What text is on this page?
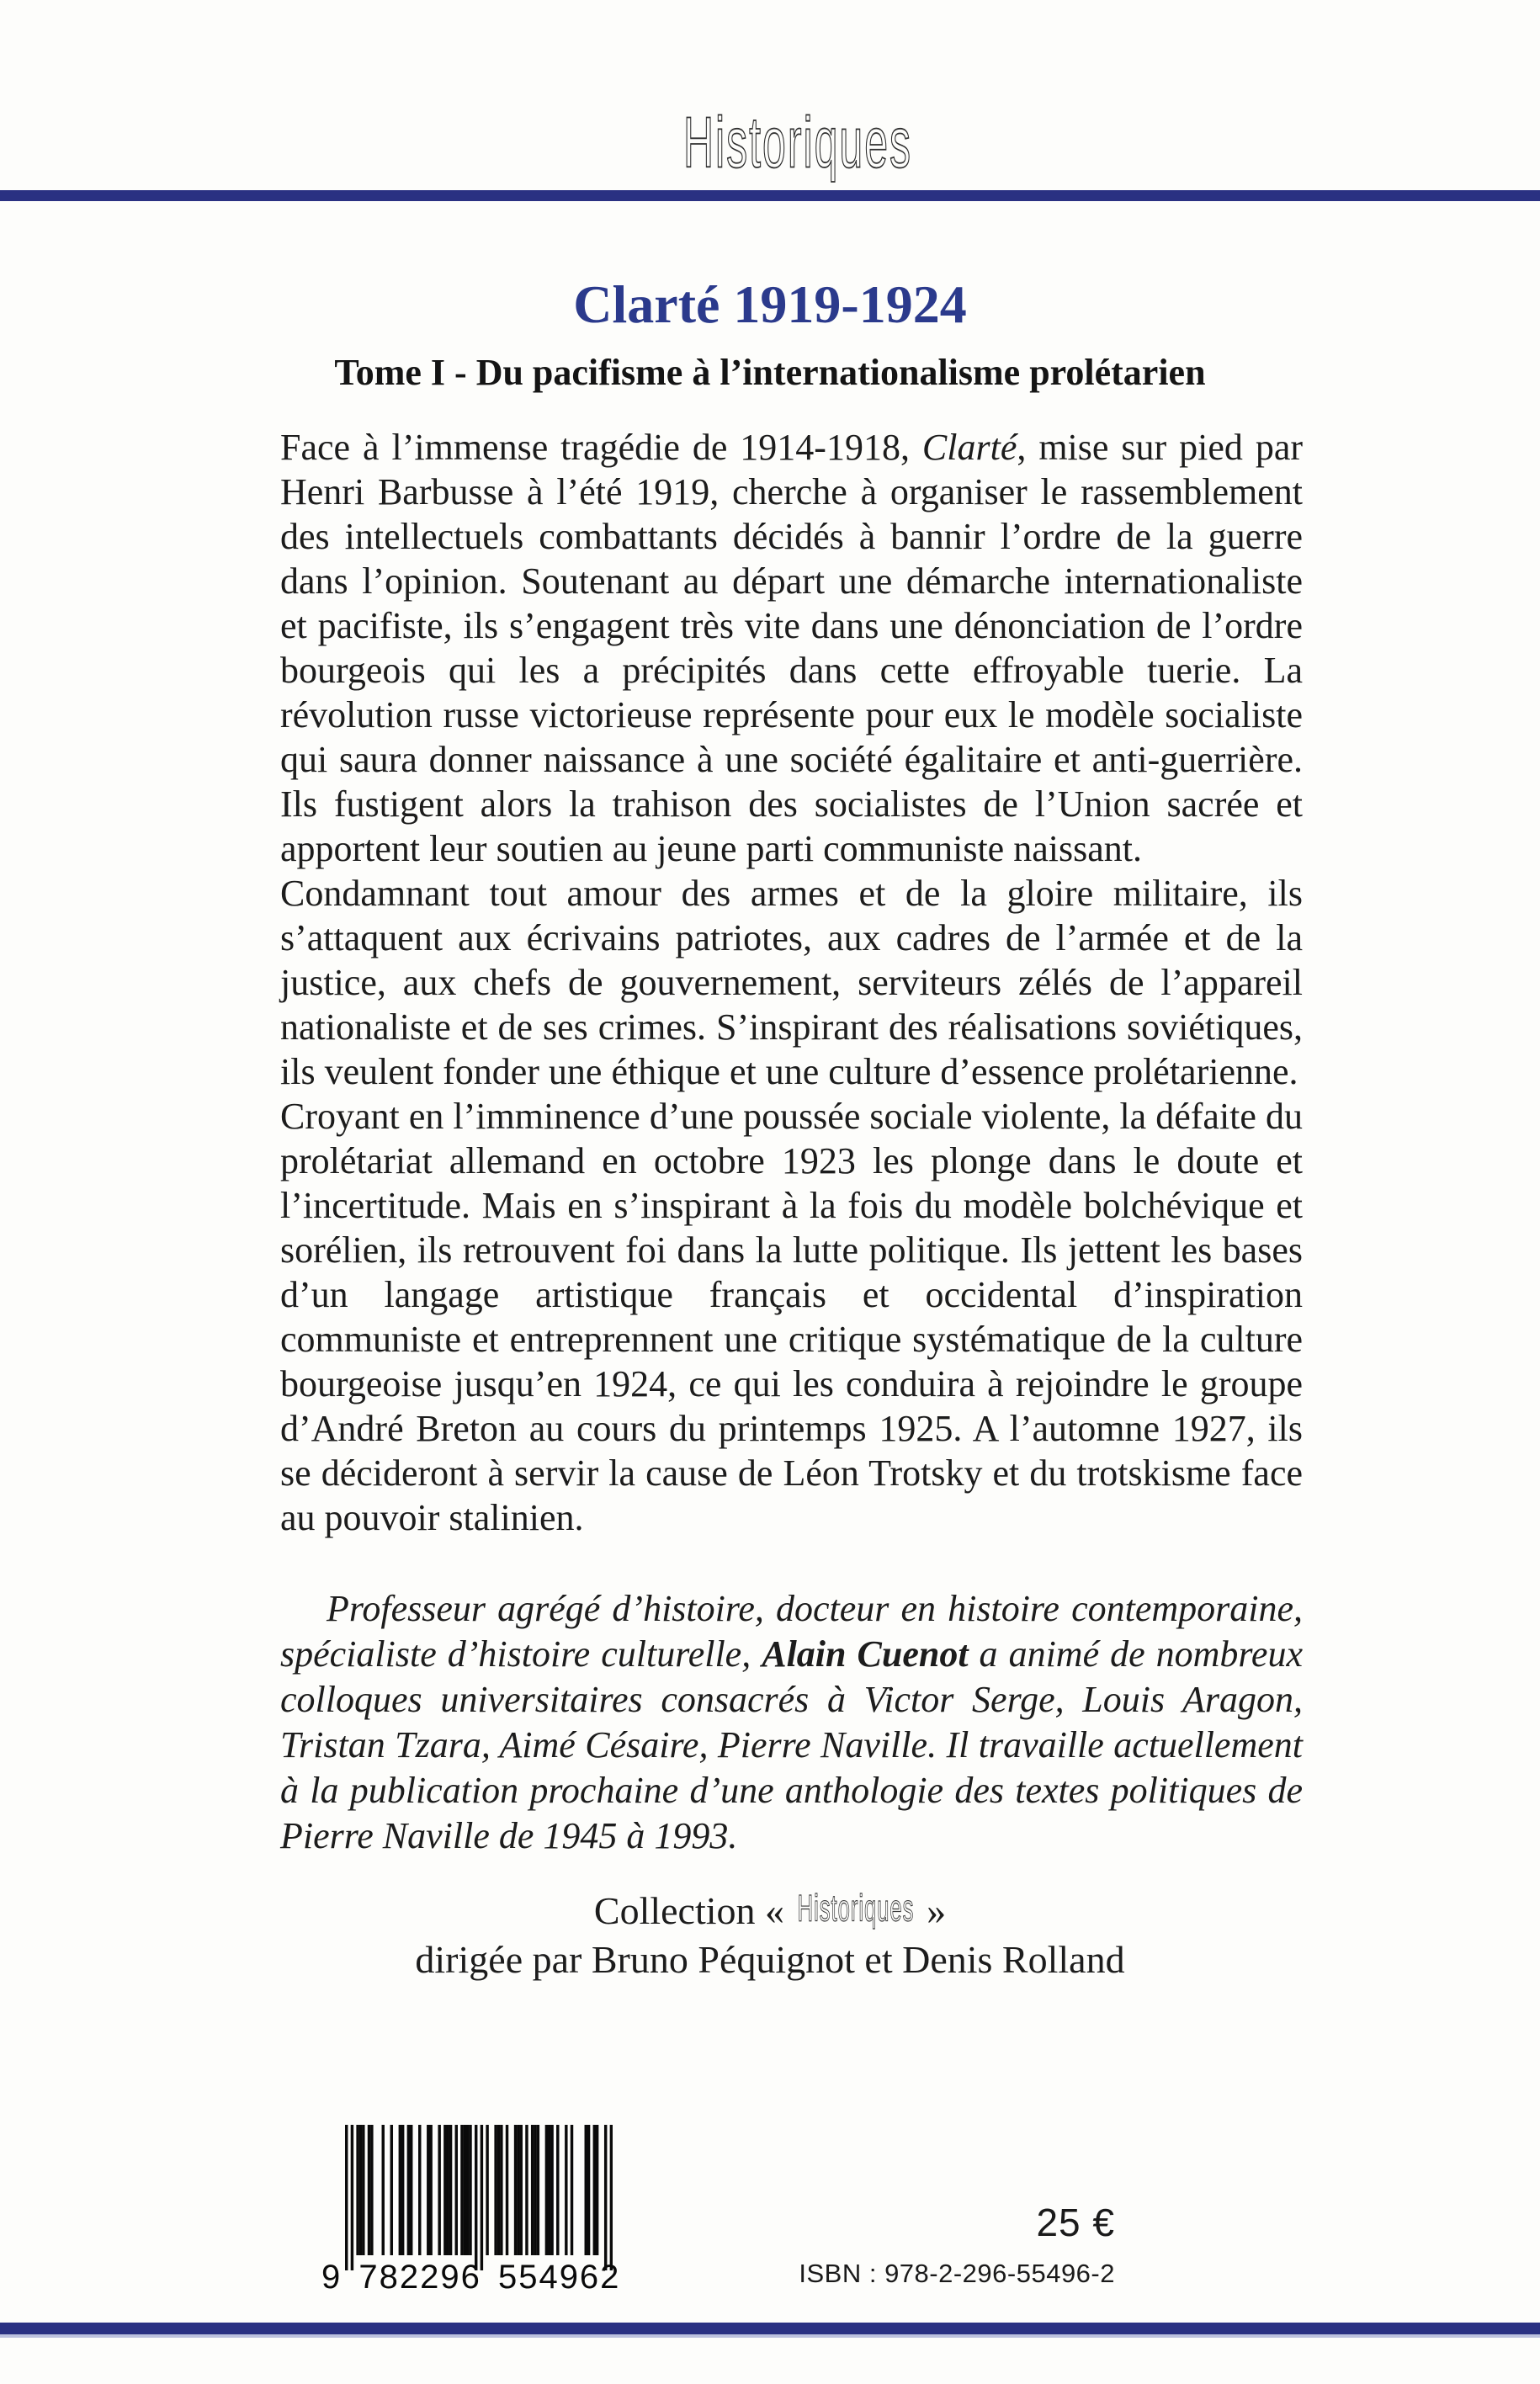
Historiques
Clarté 1919-1924
Tome I - Du pacifisme à l’internationalisme prolétarien

Face à l’immense tragédie de 1914-1918, Clarté, mise sur pied par Henri Barbusse à l’été 1919, cherche à organiser le rassemblement des intellectuels combattants décidés à bannir l’ordre de la guerre dans l’opinion. Soutenant au départ une démarche internationaliste et pacifiste, ils s’engagent très vite dans une dénonciation de l’ordre bourgeois qui les a précipités dans cette effroyable tuerie. La révolution russe victorieuse représente pour eux le modèle socialiste qui saura donner naissance à une société égalitaire et anti-guerrière. Ils fustigent alors la trahison des socialistes de l’Union sacrée et apportent leur soutien au jeune parti communiste naissant.

Condamnant tout amour des armes et de la gloire militaire, ils s’attaquent aux écrivains patriotes, aux cadres de l’armée et de la justice, aux chefs de gouvernement, serviteurs zélés de l’appareil nationaliste et de ses crimes. S’inspirant des réalisations soviétiques, ils veulent fonder une éthique et une culture d’essence prolétarienne.

Croyant en l’imminence d’une poussée sociale violente, la défaite du prolétariat allemand en octobre 1923 les plonge dans le doute et l’incertitude. Mais en s’inspirant à la fois du modèle bolchévique et sorélien, ils retrouvent foi dans la lutte politique. Ils jettent les bases d’un langage artistique français et occidental d’inspiration communiste et entreprennent une critique systématique de la culture bourgeoise jusqu’en 1924, ce qui les conduira à rejoindre le groupe d’André Breton au cours du printemps 1925. A l’automne 1927, ils se décideront à servir la cause de Léon Trotsky et du trotskisme face au pouvoir stalinien.

Professeur agrégé d’histoire, docteur en histoire contemporaine, spécialiste d’histoire culturelle, Alain Cuenot a animé de nombreux colloques universitaires consacrés à Victor Serge, Louis Aragon, Tristan Tzara, Aimé Césaire, Pierre Naville. Il travaille actuellement à la publication prochaine d’une anthologie des textes politiques de Pierre Naville de 1945 à 1993.

Collection « Historiques »
dirigée par Bruno Péquignot et Denis Rolland
9 782296 554962
25 €
ISBN : 978-2-296-55496-2
